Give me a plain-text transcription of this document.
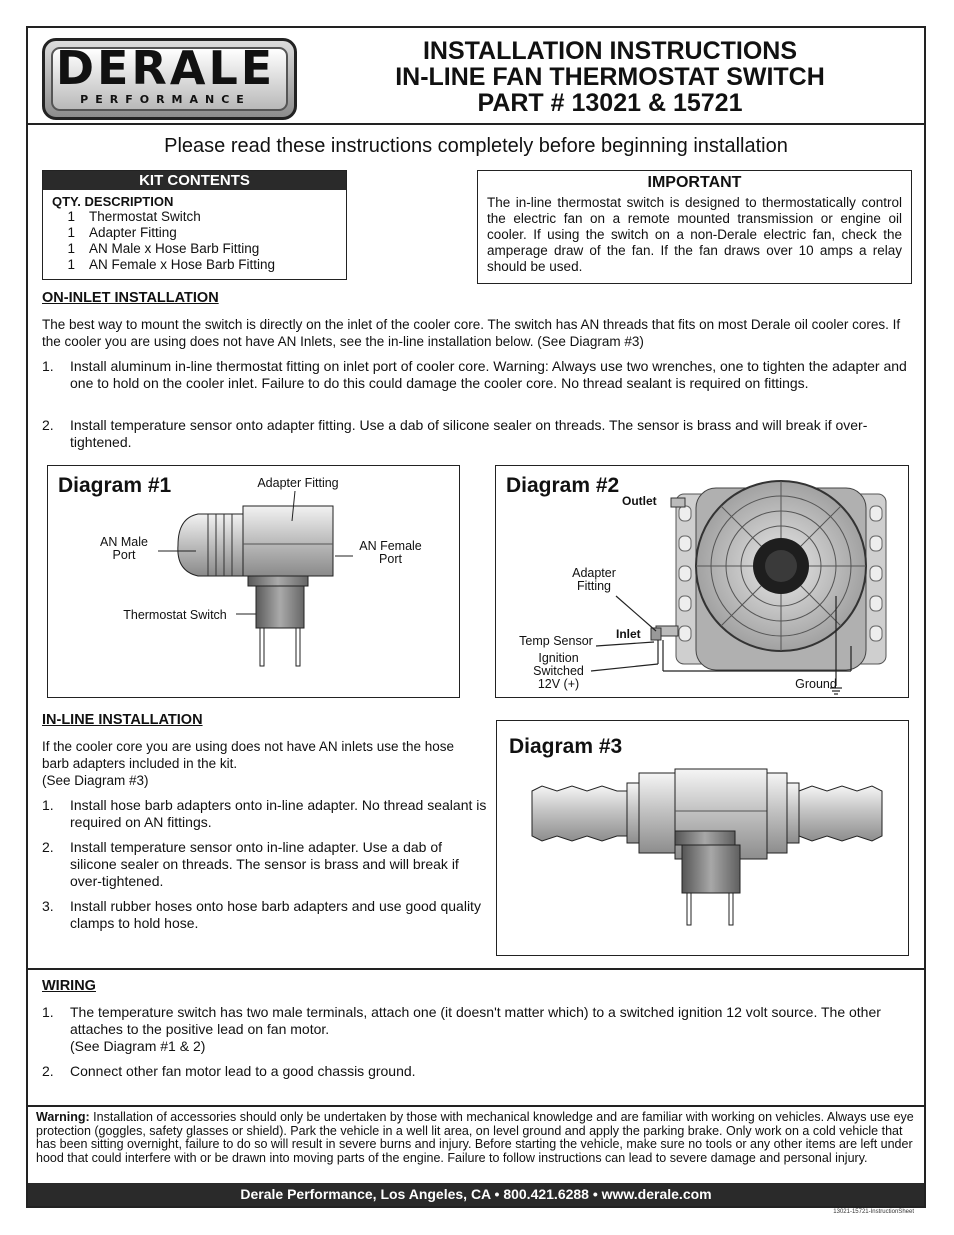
DERALE
PERFORMANCE
INSTALLATION INSTRUCTIONS
IN-LINE FAN THERMOSTAT SWITCH
PART # 13021 & 15721
Please read these instructions completely before beginning installation
KIT CONTENTS
QTY. DESCRIPTION
1	Thermostat Switch
1	Adapter Fitting
1	AN Male x Hose Barb Fitting
1	AN Female x Hose Barb Fitting
IMPORTANT
The in-line thermostat switch is designed to thermostatically control the electric fan on a remote mounted transmission or engine oil cooler. If using the switch on a non-Derale electric fan, check the amperage draw of the fan. If the fan draws over 10 amps a relay should be used.
ON-INLET INSTALLATION
The best way to mount the switch is directly on the inlet of the cooler core. The switch has AN threads that fits on most Derale oil cooler cores. If the cooler you are using does not have AN Inlets, see the in-line installation below. (See Diagram #3)
1.	Install aluminum in-line thermostat fitting on inlet port of cooler core. Warning: Always use two wrenches, one to tighten the adapter and one to hold on the cooler inlet. Failure to do this could damage the cooler core. No thread sealant is required on fittings.
2.	Install temperature sensor onto adapter fitting. Use a dab of silicone sealer on threads. The sensor is brass and will break if over-tightened.
Diagram #1	Adapter Fitting
AN Male
Port
AN Female
Port
Thermostat Switch
Diagram #2
Outlet
Adapter
Fitting
Inlet
Temp Sensor
Ignition
Switched
12V (+)	Ground
IN-LINE INSTALLATION
If the cooler core you are using does not have AN inlets use the hose barb adapters included in the kit.
(See Diagram #3)
1.	Install hose barb adapters onto in-line adapter. No thread sealant is required on AN fittings.
2.	Install temperature sensor onto in-line adapter. Use a dab of silicone sealer on threads. The sensor is brass and will break if over-tightened.
3.	Install rubber hoses onto hose barb adapters and use good quality clamps to hold hose.
Diagram #3
WIRING
1.	The temperature switch has two male terminals, attach one (it doesn't matter which) to a switched ignition 12 volt source. The other attaches to the positive lead on fan motor.
(See Diagram #1 & 2)
2.	Connect other fan motor lead to a good chassis ground.
Warning: Installation of accessories should only be undertaken by those with mechanical knowledge and are familiar with working on vehicles. Always use eye protection (goggles, safety glasses or shield). Park the vehicle in a well lit area, on level ground and apply the parking brake. Only work on a cold vehicle that has been sitting overnight, failure to do so will result in severe burns and injury. Before starting the vehicle, make sure no tools or any other items are left under hood that could interfere with or be drawn into moving parts of the engine. Failure to follow instructions can lead to severe damage and personal injury.
Derale Performance, Los Angeles, CA • 800.421.6288 • www.derale.com
13021-15721-InstructionSheet
